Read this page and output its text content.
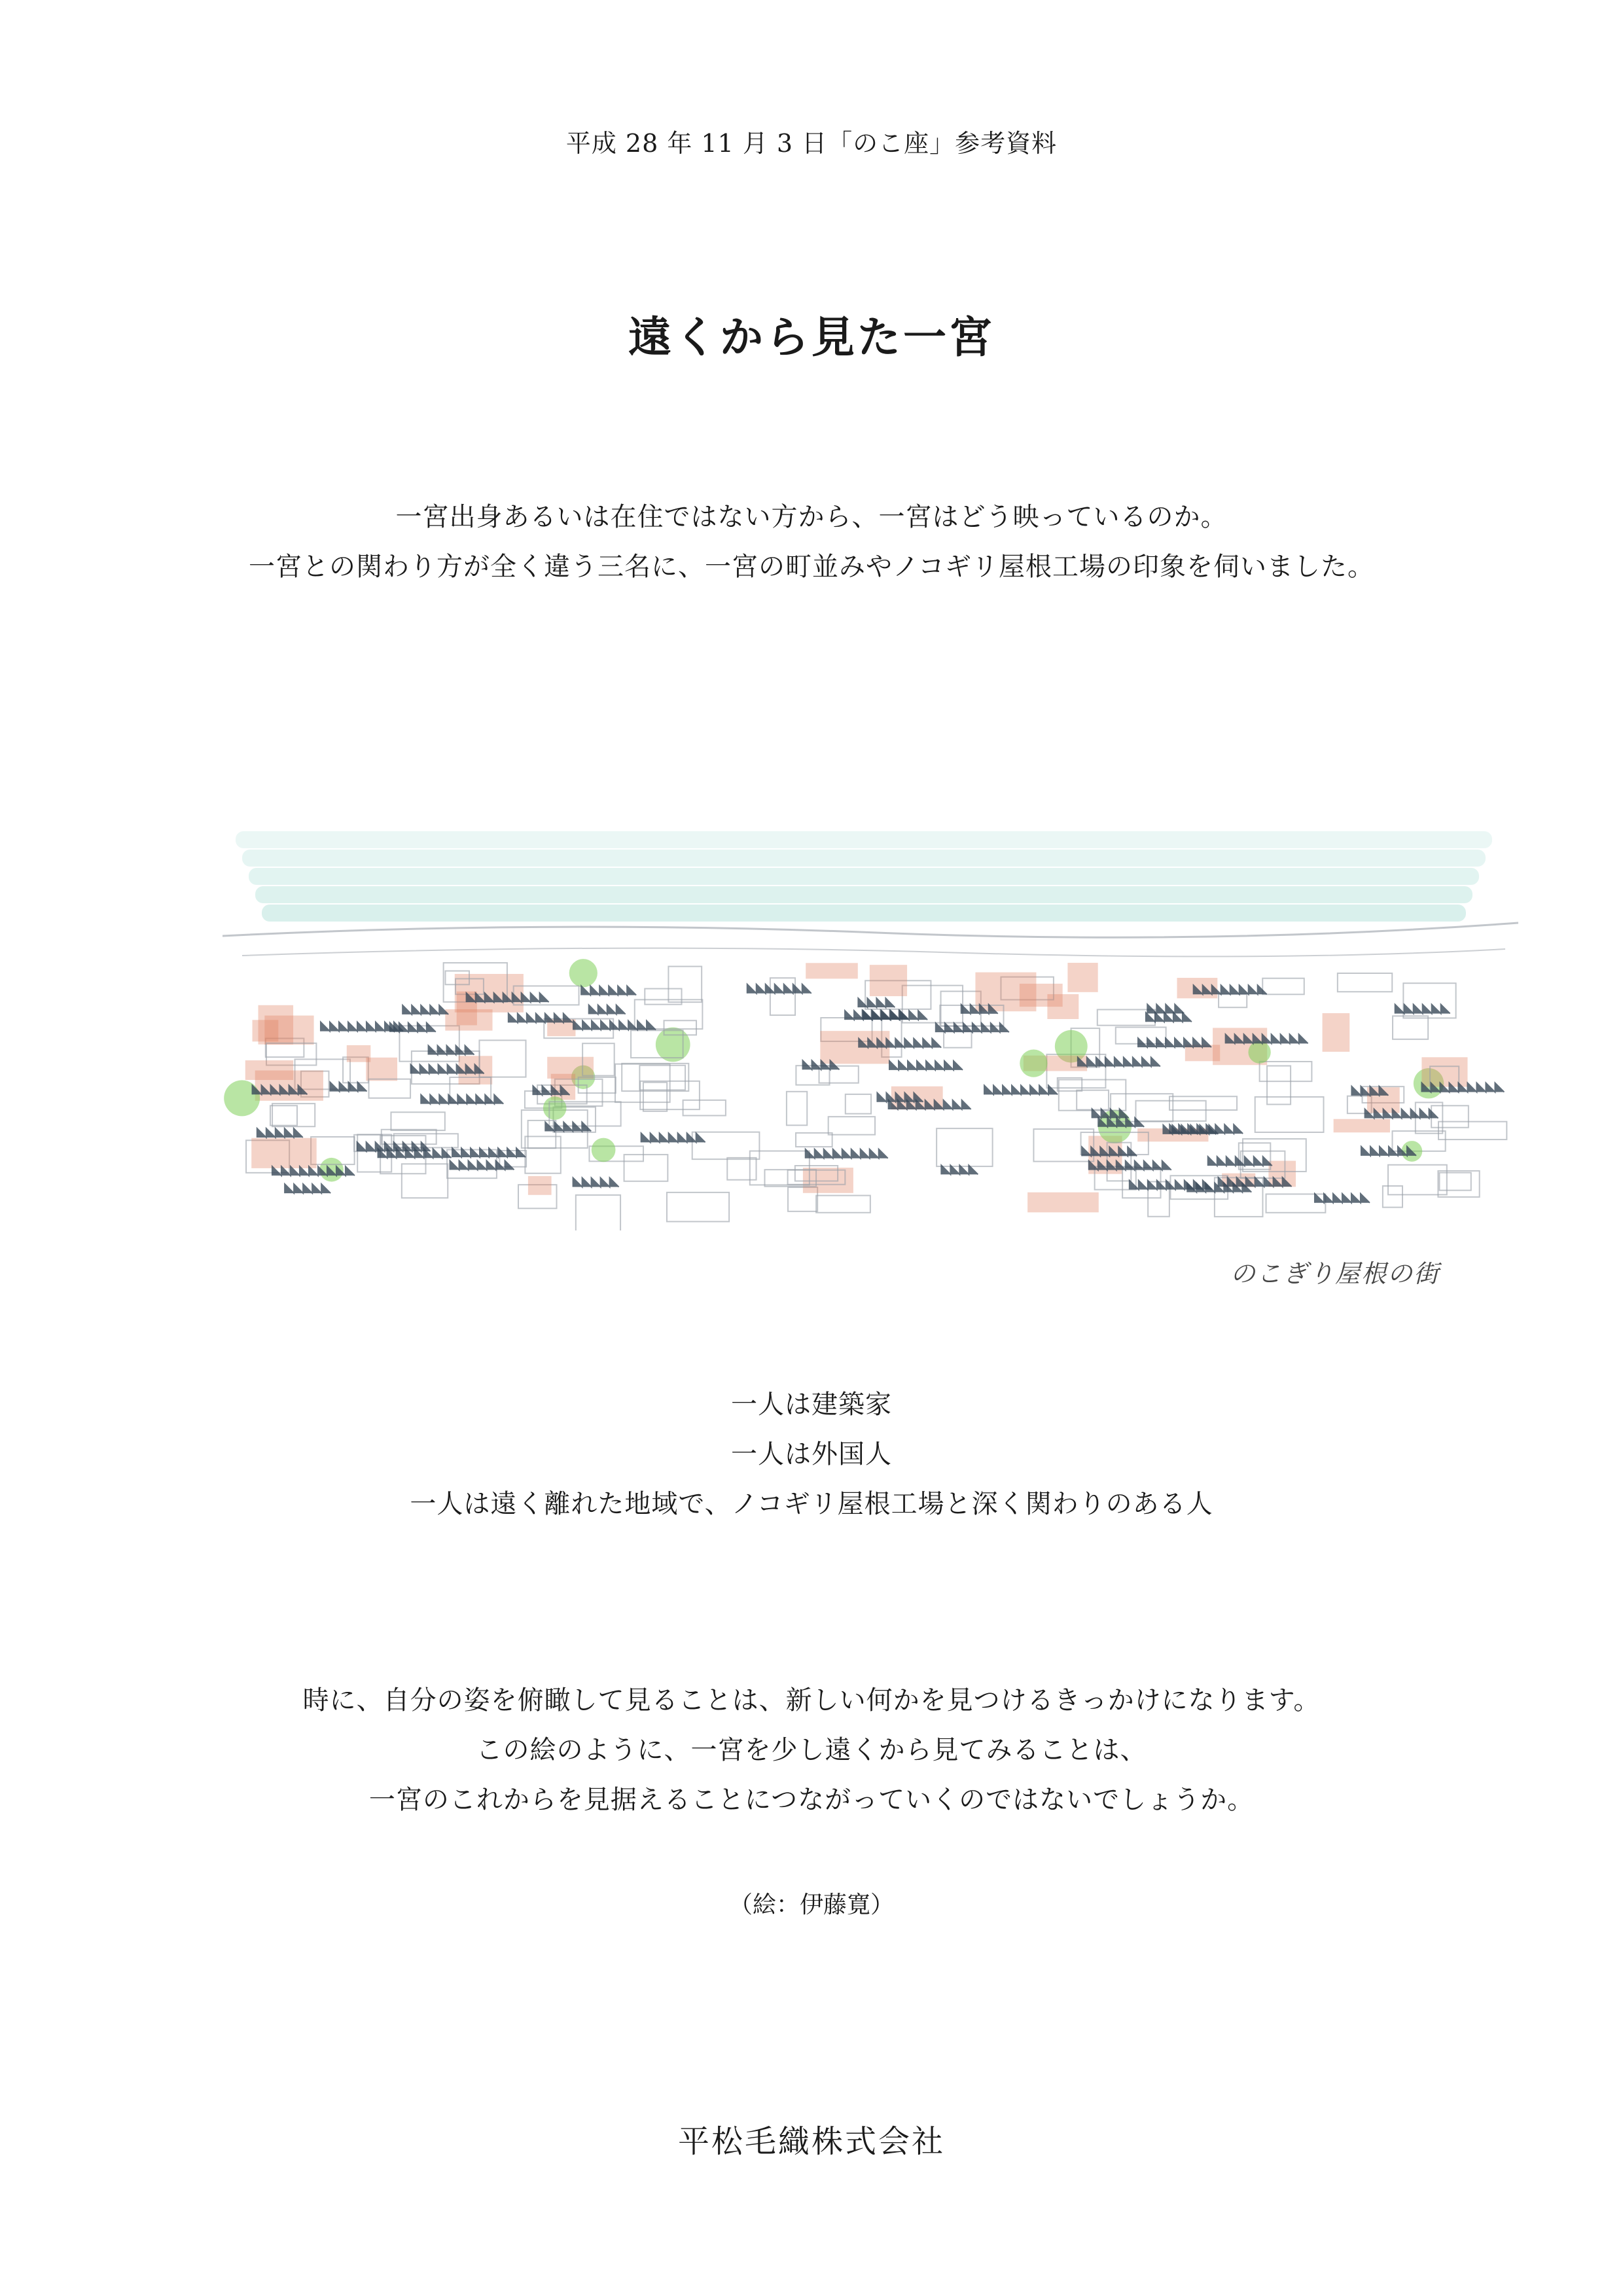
平成 28 年 11 月 3 日「のこ座」参考資料
遠くから見た一宮
一宮出身あるいは在住ではない方から、一宮はどう映っているのか。
一宮との関わり方が全く違う三名に、一宮の町並みやノコギリ屋根工場の印象を伺いました。
のこぎり屋根の街
一人は建築家
一人は外国人
一人は遠く離れた地域で、ノコギリ屋根工場と深く関わりのある人
時に、自分の姿を俯瞰して見ることは、新しい何かを見つけるきっかけになります。
この絵のように、一宮を少し遠くから見てみることは、
一宮のこれからを見据えることにつながっていくのではないでしょうか。
（絵：伊藤寛）
平松毛織株式会社
